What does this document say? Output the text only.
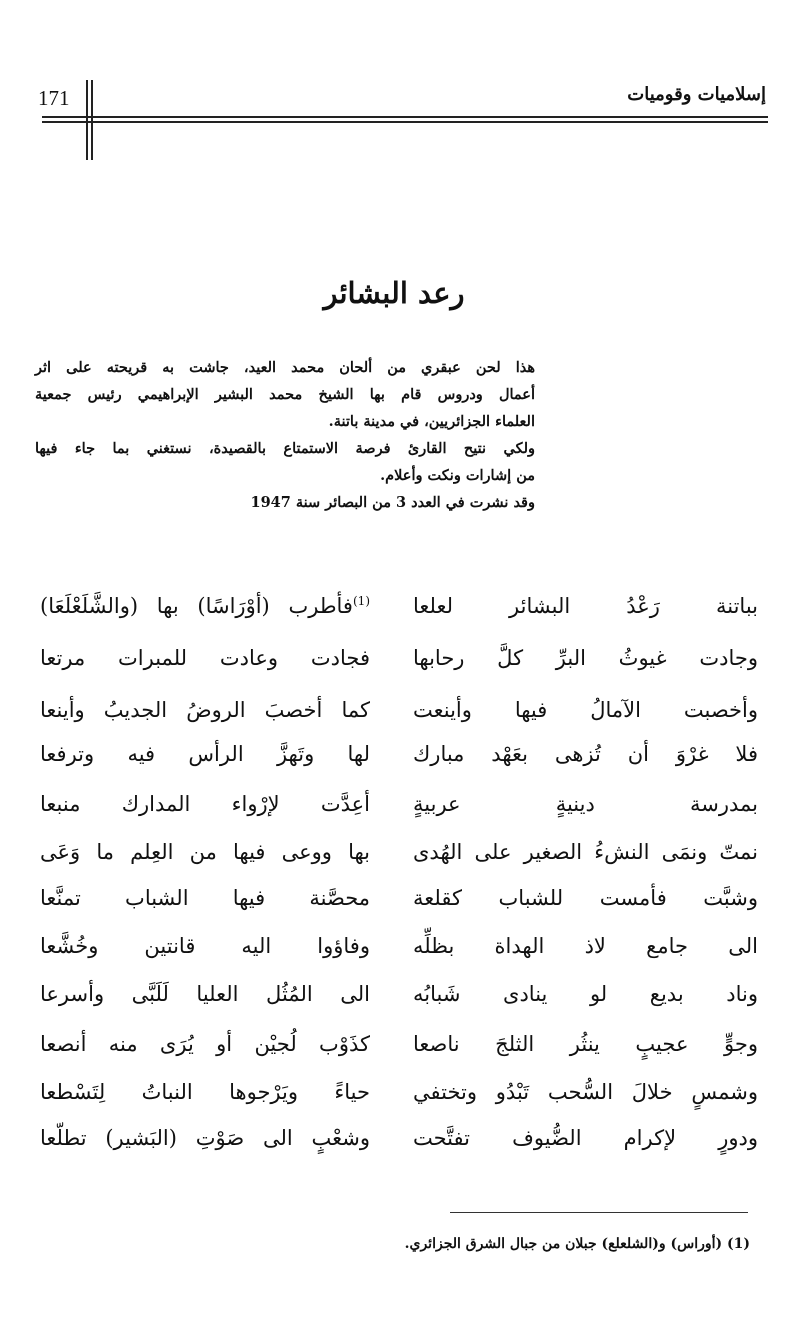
إسلاميات وقوميات
171
رعد البشائر
هذا لحن عبقري من ألحان محمد العيد، جاشت به قريحته على اثر
أعمال ودروس قام بها الشيخ محمد البشير الإبراهيمي رئيس جمعية
العلماء الجزائريين، في مدينة باتنة.
ولكي نتيح القارئ فرصة الاستمتاع بالقصيدة، نستغني بما جاء فيها
من إشارات ونكت وأعلام.
وقد نشرت في العدد 3 من البصائر سنة 1947
بباتنة رَعْدُ البشائر لعلعا
$^{(1)}$فأطرب (أوْرَاسًا) بها (والشَّلَعْلَعَا)
وجادت غيوثُ البرِّ كلَّ رحابها
فجادت وعادت للمبرات مرتعا
وأخصبت الآمالُ فيها وأينعت
كما أخصبَ الروضُ الجديبُ وأينعا
فلا غرْوَ أن تُزهى بعَهْد مبارك
لها وتَهزَّ الرأس فيه وترفعا
بمدرسة دينيةٍ عربيةٍ
أعِدَّت لإرْواء المدارك منبعا
نمتّ ونمَى النشءُ الصغير على الهُدى
بها ووعى فيها من العِلم ما وَعَى
وشبَّت فأمست للشباب كقلعة
محصَّنة فيها الشباب تمنَّعا
الى جامع لاذ الهداة بظلِّه
وفاؤوا اليه قانتين وخُشَّعا
وناد بديع لو ينادى شَبابُه
الى المُثُل العليا لَلَبَّى وأسرعا
وجوٍّ عجيبٍ ينثُر الثلجَ ناصعا
كذَوْب لُجيْن أو يُرَى منه أنصعا
وشمسٍ خلالَ السُّحب تَبْدُو وتختفي
حياءً ويَرْجوها النباتُ لِتَسْطعا
ودورٍ لإكرام الضُّيوف تفتَّحت
وشعْبٍ الى صَوْتِ (البَشير) تطلّعا
(1) (أوراس) و(الشلعلع) جبلان من جبال الشرق الجزائري.
